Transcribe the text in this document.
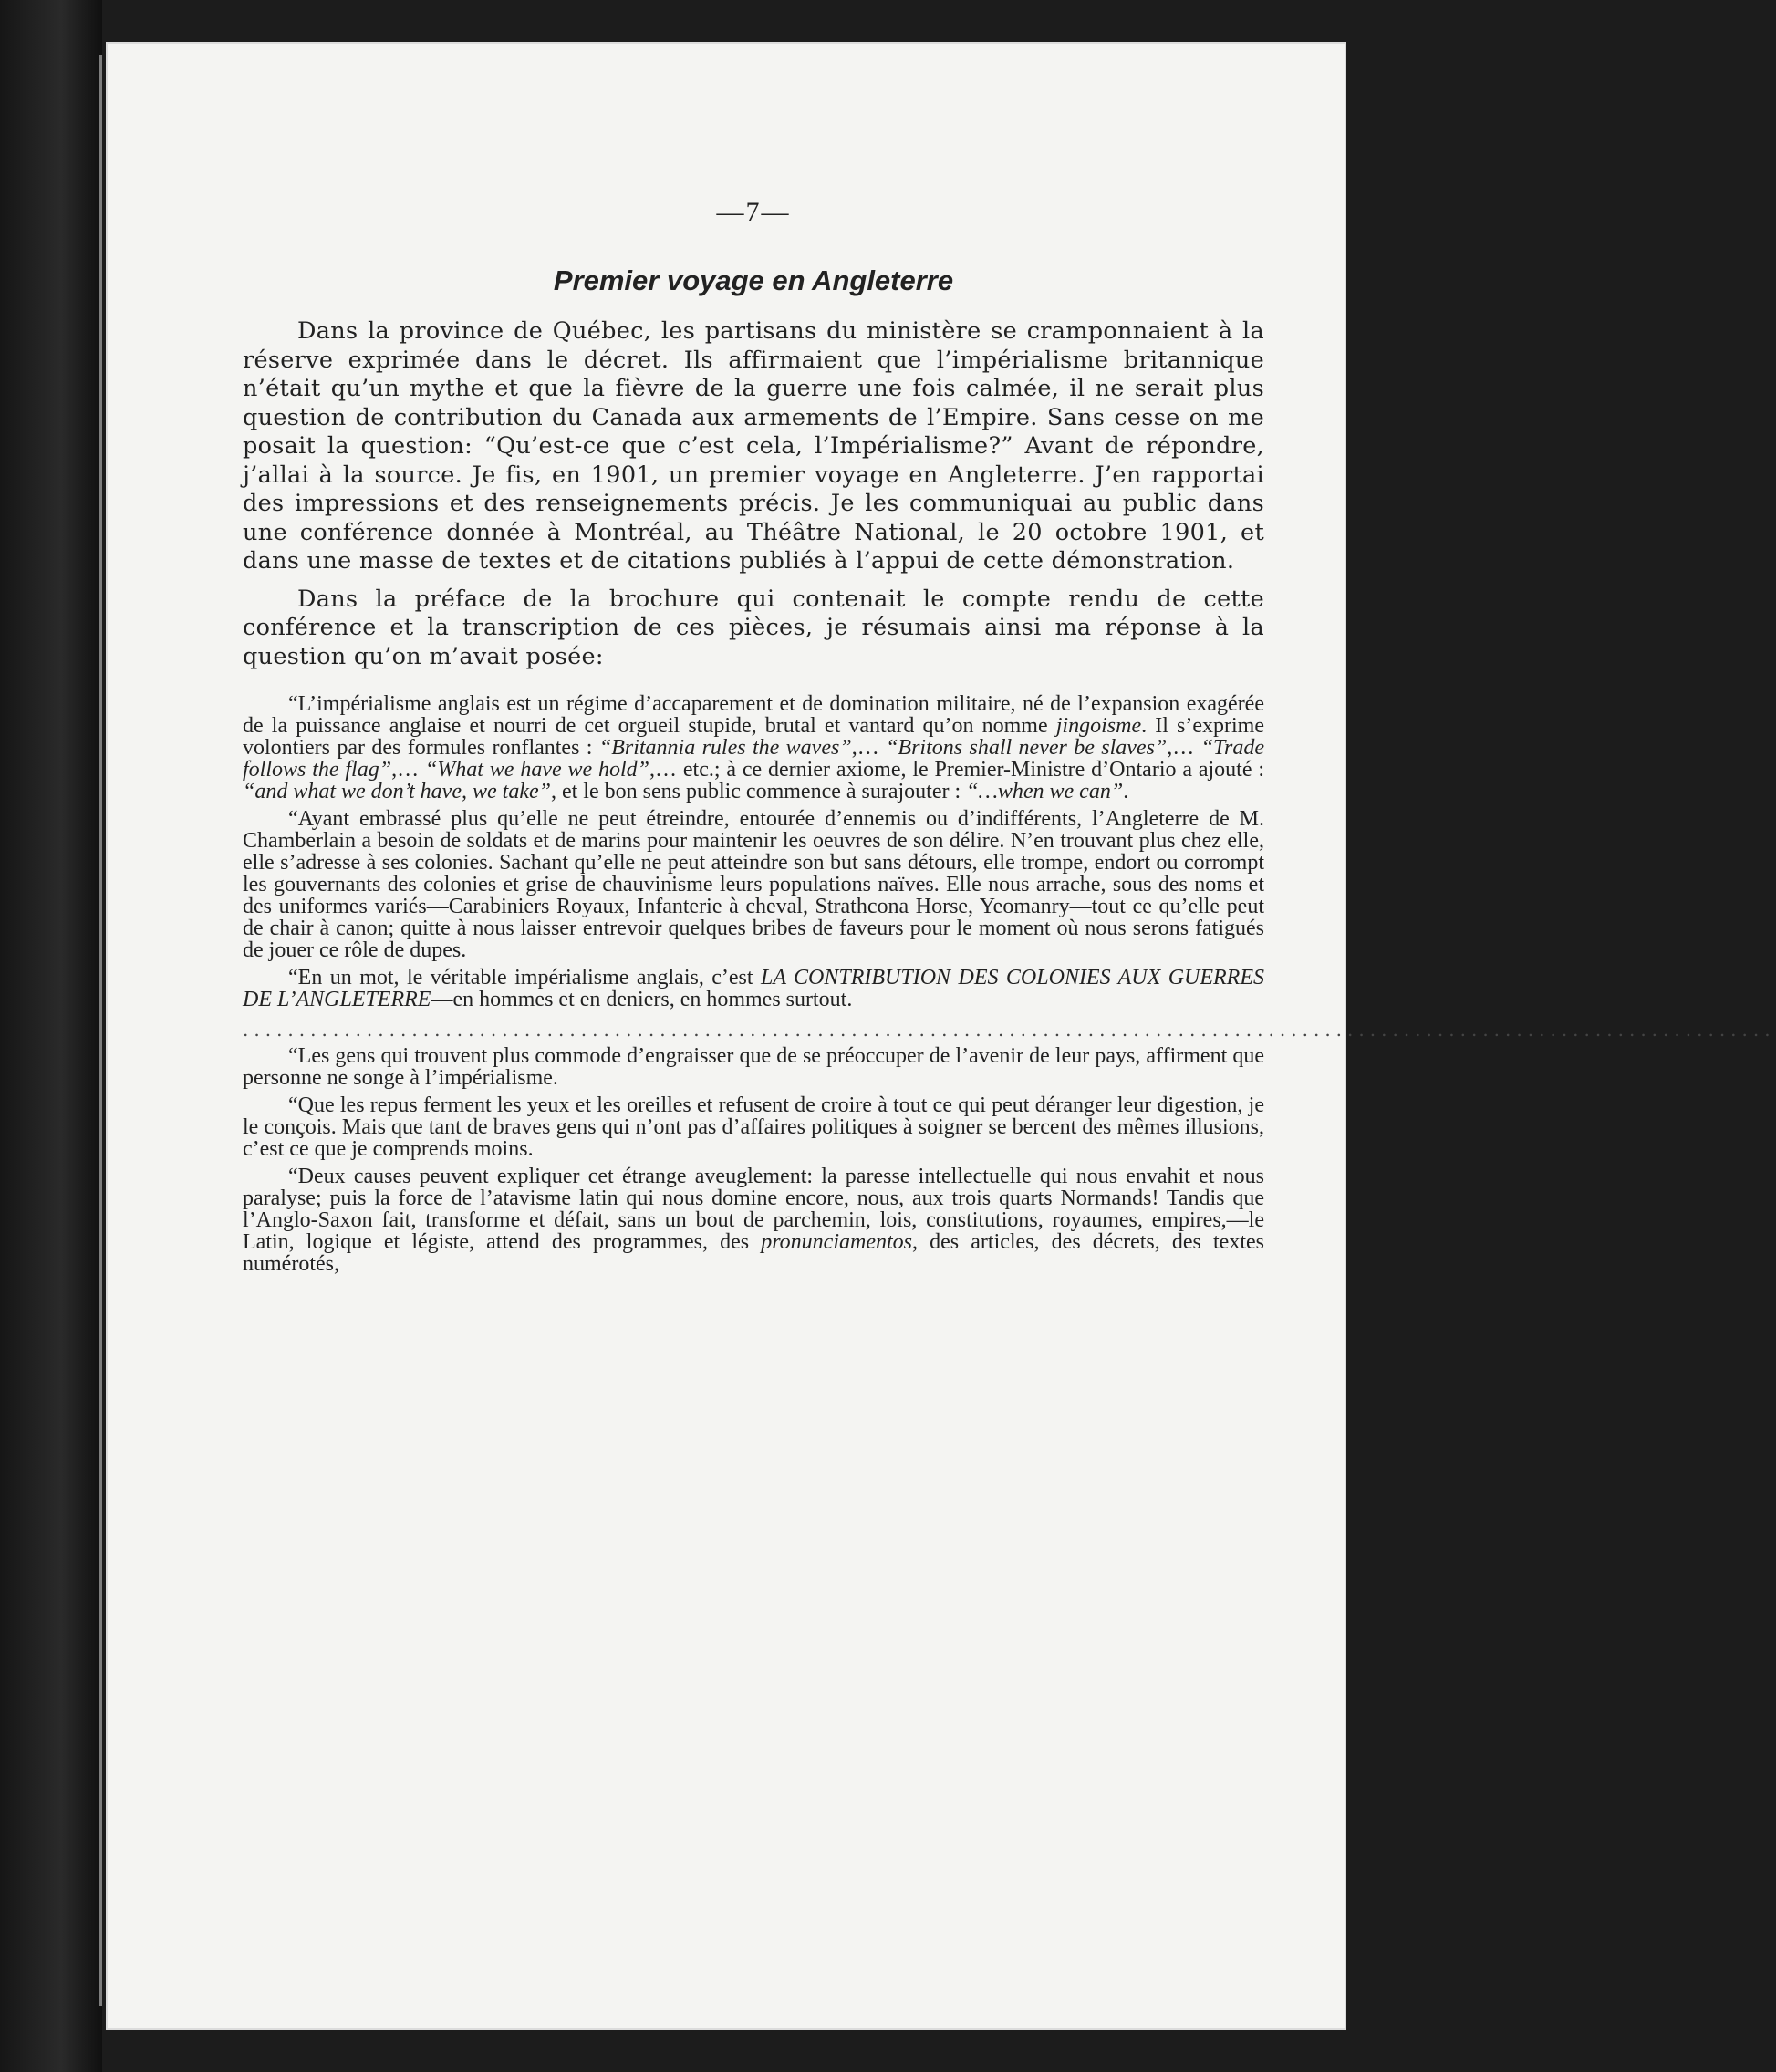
—7—
Premier voyage en Angleterre

Dans la province de Québec, les partisans du ministère se cramponnaient à la réserve exprimée dans le décret. Ils affirmaient que l’impérialisme britannique n’était qu’un mythe et que la fièvre de la guerre une fois calmée, il ne serait plus question de contribution du Canada aux armements de l’Empire. Sans cesse on me posait la question: “Qu’est-ce que c’est cela, l’Impérialisme?” Avant de répondre, j’allai à la source. Je fis, en 1901, un premier voyage en Angleterre. J’en rapportai des impressions et des renseignements précis. Je les communiquai au public dans une conférence donnée à Montréal, au Théâtre National, le 20 octobre 1901, et dans une masse de textes et de citations publiés à l’appui de cette démonstration.

Dans la préface de la brochure qui contenait le compte rendu de cette conférence et la transcription de ces pièces, je résumais ainsi ma réponse à la question qu’on m’avait posée:

“L’impérialisme anglais est un régime d’accaparement et de domination militaire, né de l’expansion exagérée de la puissance anglaise et nourri de cet orgueil stupide, brutal et vantard qu’on nomme jingoisme. Il s’exprime volontiers par des formules ronflantes : “Britannia rules the waves”,… “Britons shall never be slaves”,… “Trade follows the flag”,… “What we have we hold”,… etc.; à ce dernier axiome, le Premier-Ministre d’Ontario a ajouté : “and what we don’t have, we take”, et le bon sens public commence à surajouter : “…when we can”.

“Ayant embrassé plus qu’elle ne peut étreindre, entourée d’ennemis ou d’indifférents, l’Angleterre de M. Chamberlain a besoin de soldats et de marins pour maintenir les oeuvres de son délire. N’en trouvant plus chez elle, elle s’adresse à ses colonies. Sachant qu’elle ne peut atteindre son but sans détours, elle trompe, endort ou corrompt les gouvernants des colonies et grise de chauvinisme leurs populations naïves. Elle nous arrache, sous des noms et des uniformes variés—Carabiniers Royaux, Infanterie à cheval, Strathcona Horse, Yeomanry—tout ce qu’elle peut de chair à canon; quitte à nous laisser entrevoir quelques bribes de faveurs pour le moment où nous serons fatigués de jouer ce rôle de dupes.

“En un mot, le véritable impérialisme anglais, c’est LA CONTRIBUTION DES COLONIES AUX GUERRES DE L’ANGLETERRE—en hommes et en deniers, en hommes surtout.

........................................................................................................................................

“Les gens qui trouvent plus commode d’engraisser que de se préoccuper de l’avenir de leur pays, affirment que personne ne songe à l’impérialisme.

“Que les repus ferment les yeux et les oreilles et refusent de croire à tout ce qui peut déranger leur digestion, je le conçois. Mais que tant de braves gens qui n’ont pas d’affaires politiques à soigner se bercent des mêmes illusions, c’est ce que je comprends moins.

“Deux causes peuvent expliquer cet étrange aveuglement: la paresse intellectuelle qui nous envahit et nous paralyse; puis la force de l’atavisme latin qui nous domine encore, nous, aux trois quarts Normands! Tandis que l’Anglo-Saxon fait, transforme et défait, sans un bout de parchemin, lois, constitutions, royaumes, empires,—le Latin, logique et légiste, attend des programmes, des pronunciamentos, des articles, des décrets, des textes numérotés,
